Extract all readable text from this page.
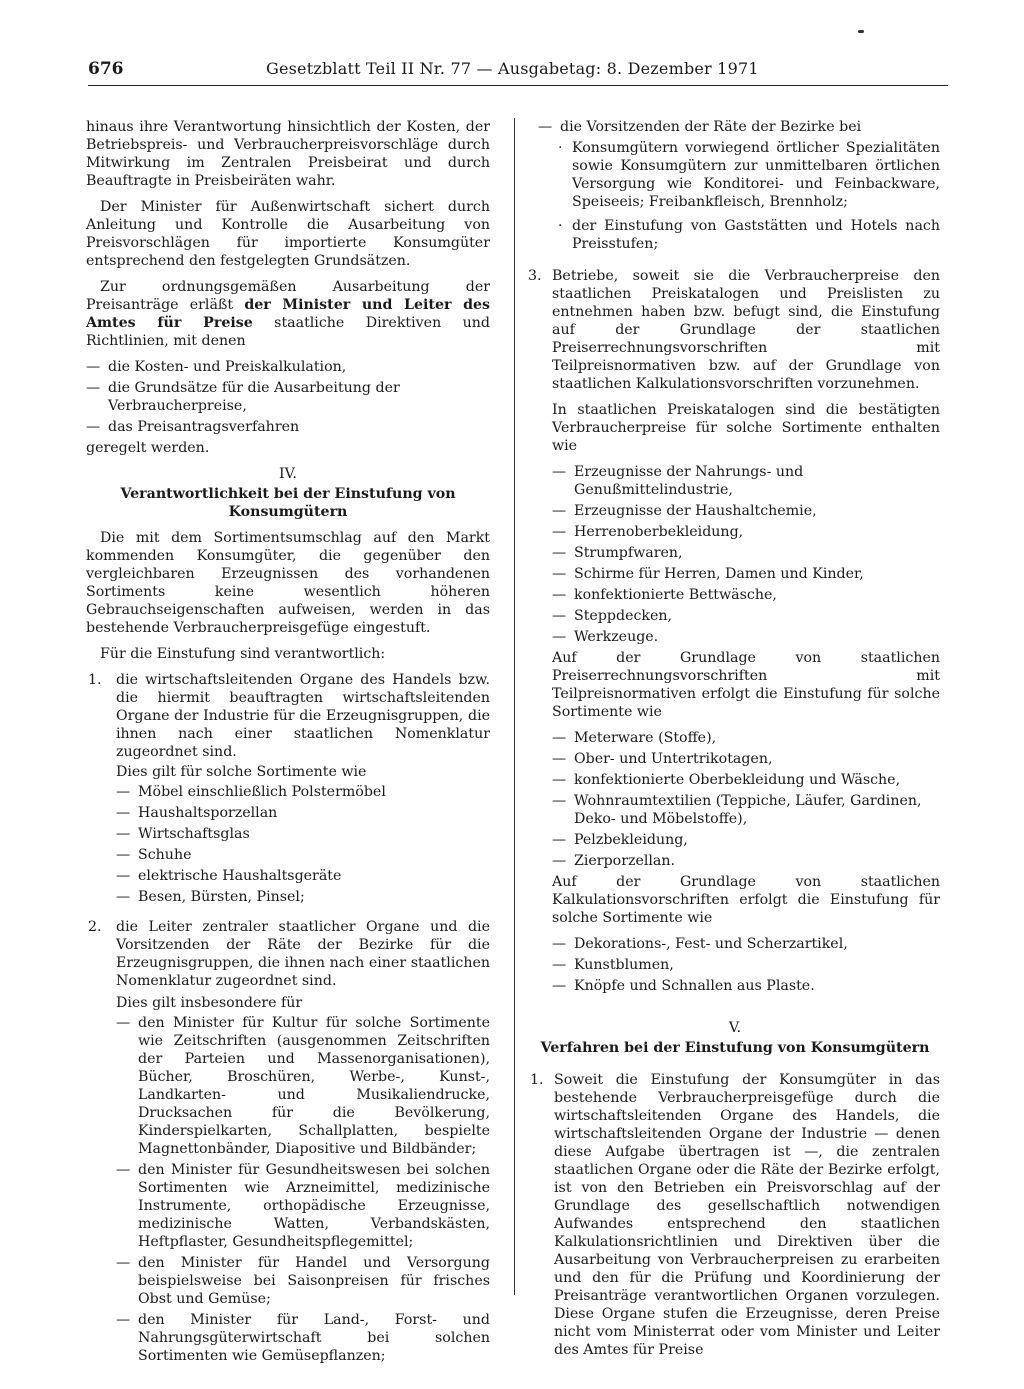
676	Gesetzblatt Teil II Nr. 77 — Ausgabetag: 8. Dezember 1971

hinaus ihre Verantwortung hinsichtlich der Kosten, der Betriebspreis- und Verbraucherpreisvorschläge durch Mitwirkung im Zentralen Preisbeirat und durch Beauftragte in Preisbeiräten wahr.

Der Minister für Außenwirtschaft sichert durch Anleitung und Kontrolle die Ausarbeitung von Preisvorschlägen für importierte Konsumgüter entsprechend den festgelegten Grundsätzen.

Zur ordnungsgemäßen Ausarbeitung der Preisanträge erläßt der Minister und Leiter des Amtes für Preise staatliche Direktiven und Richtlinien, mit denen

— die Kosten- und Preiskalkulation,
— die Grundsätze für die Ausarbeitung der Verbraucherpreise,
— das Preisantragsverfahren

geregelt werden.

IV.
Verantwortlichkeit bei der Einstufung von Konsumgütern

Die mit dem Sortimentsumschlag auf den Markt kommenden Konsumgüter, die gegenüber den vergleichbaren Erzeugnissen des vorhandenen Sortiments keine wesentlich höheren Gebrauchseigenschaften aufweisen, werden in das bestehende Verbraucherpreisgefüge eingestuft.

Für die Einstufung sind verantwortlich:

1. die wirtschaftsleitenden Organe des Handels bzw. die hiermit beauftragten wirtschaftsleitenden Organe der Industrie für die Erzeugnisgruppen, die ihnen nach einer staatlichen Nomenklatur zugeordnet sind.
Dies gilt für solche Sortimente wie
— Möbel einschließlich Polstermöbel
— Haushaltsporzellan
— Wirtschaftsglas
— Schuhe
— elektrische Haushaltsgeräte
— Besen, Bürsten, Pinsel;
2. die Leiter zentraler staatlicher Organe und die Vorsitzenden der Räte der Bezirke für die Erzeugnisgruppen, die ihnen nach einer staatlichen Nomenklatur zugeordnet sind.
Dies gilt insbesondere für
— den Minister für Kultur für solche Sortimente wie Zeitschriften (ausgenommen Zeitschriften der Parteien und Massenorganisationen), Bücher, Broschüren, Werbe-, Kunst-, Landkarten- und Musikaliendrucke, Drucksachen für die Bevölkerung, Kinderspielkarten, Schallplatten, bespielte Magnettonbänder, Diapositive und Bildbänder;
— den Minister für Gesundheitswesen bei solchen Sortimenten wie Arzneimittel, medizinische Instrumente, orthopädische Erzeugnisse, medizinische Watten, Verbandskästen, Heftpflaster, Gesundheitspflegemittel;
— den Minister für Handel und Versorgung beispielsweise bei Saisonpreisen für frisches Obst und Gemüse;
— den Minister für Land-, Forst- und Nahrungsgüterwirtschaft bei solchen Sortimenten wie Gemüsepflanzen;
— die Vorsitzenden der Räte der Bezirke bei
· Konsumgütern vorwiegend örtlicher Spezialitäten sowie Konsumgütern zur unmittelbaren örtlichen Versorgung wie Konditorei- und Feinbackware, Speiseeis; Freibankfleisch, Brennholz;
· der Einstufung von Gaststätten und Hotels nach Preisstufen;
3. Betriebe, soweit sie die Verbraucherpreise den staatlichen Preiskatalogen und Preislisten zu entnehmen haben bzw. befugt sind, die Einstufung auf der Grundlage der staatlichen Preiserrechnungsvorschriften mit Teilpreisnormativen bzw. auf der Grundlage von staatlichen Kalkulationsvorschriften vorzunehmen.

In staatlichen Preiskatalogen sind die bestätigten Verbraucherpreise für solche Sortimente enthalten wie

— Erzeugnisse der Nahrungs- und Genußmittelindustrie,
— Erzeugnisse der Haushaltchemie,
— Herrenoberbekleidung,
— Strumpfwaren,
— Schirme für Herren, Damen und Kinder,
— konfektionierte Bettwäsche,
— Steppdecken,
— Werkzeuge.

Auf der Grundlage von staatlichen Preiserrechnungsvorschriften mit Teilpreisnormativen erfolgt die Einstufung für solche Sortimente wie

— Meterware (Stoffe),
— Ober- und Untertrikotagen,
— konfektionierte Oberbekleidung und Wäsche,
— Wohnraumtextilien (Teppiche, Läufer, Gardinen, Deko- und Möbelstoffe),
— Pelzbekleidung,
— Zierporzellan.

Auf der Grundlage von staatlichen Kalkulationsvorschriften erfolgt die Einstufung für solche Sortimente wie

— Dekorations-, Fest- und Scherzartikel,
— Kunstblumen,
— Knöpfe und Schnallen aus Plaste.
V.
Verfahren bei der Einstufung von Konsumgütern
1. Soweit die Einstufung der Konsumgüter in das bestehende Verbraucherpreisgefüge durch die wirtschaftsleitenden Organe des Handels, die wirtschaftsleitenden Organe der Industrie — denen diese Aufgabe übertragen ist —, die zentralen staatlichen Organe oder die Räte der Bezirke erfolgt, ist von den Betrieben ein Preisvorschlag auf der Grundlage des gesellschaftlich notwendigen Aufwandes entsprechend den staatlichen Kalkulationsrichtlinien und Direktiven über die Ausarbeitung von Verbraucherpreisen zu erarbeiten und den für die Prüfung und Koordinierung der Preisanträge verantwortlichen Organen vorzulegen. Diese Organe stufen die Erzeugnisse, deren Preise nicht vom Ministerrat oder vom Minister und Leiter des Amtes für Preise
